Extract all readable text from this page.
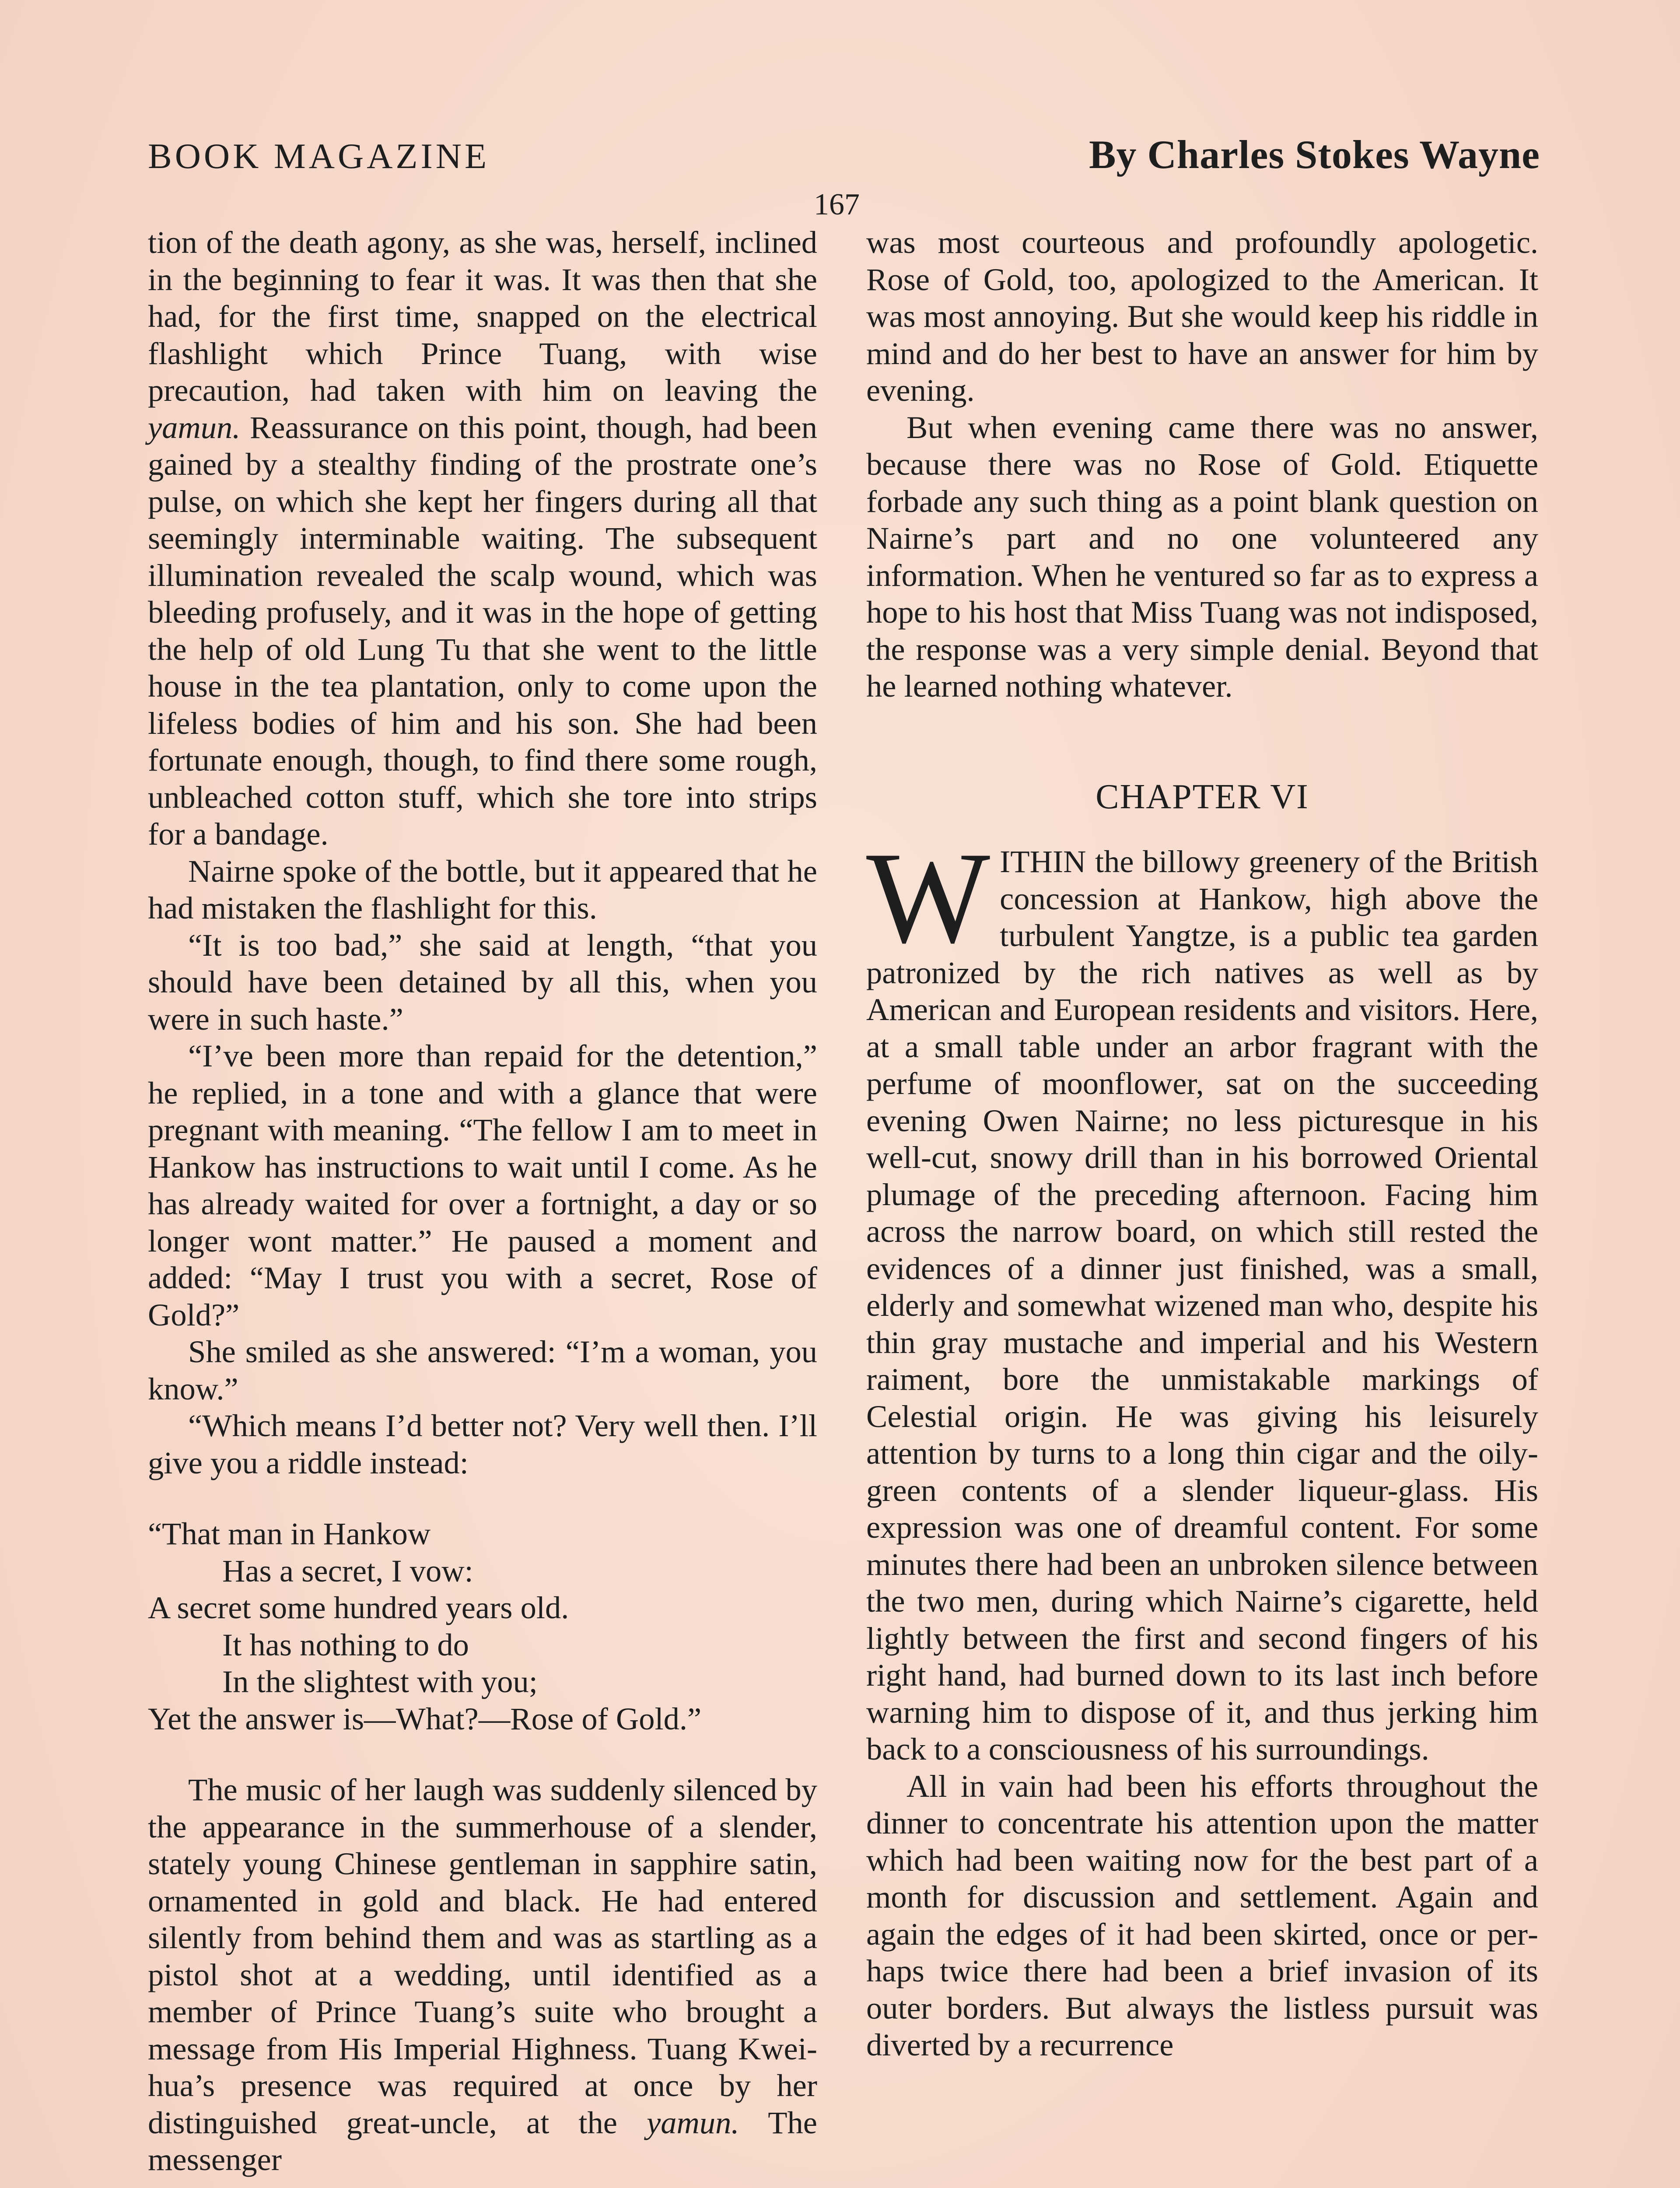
BOOK MAGAZINE	By Charles Stokes Wayne
167

tion of the death agony, as she was, herself, inclined in the beginning to fear it was. It was then that she had, for the first time, snapped on the electrical flashlight which Prince Tuang, with wise precaution, had taken with him on leaving the yamun. Reassurance on this point, though, had been gained by a stealthy finding of the prostrate one’s pulse, on which she kept her fingers during all that seemingly interminable waiting. The subsequent illumination revealed the scalp wound, which was bleeding profusely, and it was in the hope of getting the help of old Lung Tu that she went to the little house in the tea plantation, only to come upon the lifeless bodies of him and his son. She had been fortunate enough, though, to find there some rough, unbleached cotton stuff, which she tore into strips for a bandage.

Nairne spoke of the bottle, but it appeared that he had mistaken the flashlight for this.

“It is too bad,” she said at length, “that you should have been detained by all this, when you were in such haste.”

“I’ve been more than repaid for the detention,” he replied, in a tone and with a glance that were pregnant with meaning. “The fellow I am to meet in Hankow has instructions to wait until I come. As he has already waited for over a fortnight, a day or so longer wont matter.” He paused a moment and added: “May I trust you with a secret, Rose of Gold?”

She smiled as she answered: “I’m a woman, you know.”

“Which means I’d better not? Very well then. I’ll give you a riddle instead:

“That man in Hankow
Has a secret, I vow:
A secret some hundred years old.
It has nothing to do
In the slightest with you;
Yet the answer is—What?—Rose of Gold.”

The music of her laugh was suddenly silenced by the appearance in the summerhouse of a slender, stately young Chinese gentleman in sapphire satin, ornamented in gold and black. He had entered silently from behind them and was as startling as a pistol shot at a wedding, until identified as a member of Prince Tuang’s suite who brought a message from His Imperial Highness. Tuang Kwei-hua’s presence was required at once by her distinguished great-uncle, at the yamun. The messenger

was most courteous and profoundly apologetic. Rose of Gold, too, apologized to the American. It was most annoying. But she would keep his riddle in mind and do her best to have an answer for him by evening.

But when evening came there was no answer, because there was no Rose of Gold. Etiquette forbade any such thing as a point blank question on Nairne’s part and no one volunteered any information. When he ventured so far as to express a hope to his host that Miss Tuang was not indisposed, the response was a very simple denial. Beyond that he learned nothing whatever.

CHAPTER VI

WITHIN the billowy greenery of the British concession at Hankow, high above the turbulent Yangtze, is a public tea garden patronized by the rich natives as well as by American and European residents and visitors. Here, at a small table under an arbor fragrant with the perfume of moonflower, sat on the succeeding evening Owen Nairne; no less picturesque in his well-cut, snowy drill than in his borrowed Oriental plumage of the preceding afternoon. Facing him across the narrow board, on which still rested the evidences of a dinner just finished, was a small, elderly and somewhat wizened man who, despite his thin gray mustache and imperial and his Western raiment, bore the unmistakable markings of Celestial origin. He was giving his leisurely attention by turns to a long thin cigar and the oily-green contents of a slender liqueur-glass. His expression was one of dreamful content. For some minutes there had been an unbroken silence between the two men, during which Nairne’s cigarette, held lightly between the first and second fingers of his right hand, had burned down to its last inch before warning him to dispose of it, and thus jerking him back to a consciousness of his surroundings.

All in vain had been his efforts throughout the dinner to concentrate his attention upon the matter which had been waiting now for the best part of a month for discussion and settlement. Again and again the edges of it had been skirted, once or perhaps twice there had been a brief invasion of its outer borders. But always the listless pursuit was diverted by a recurrence
